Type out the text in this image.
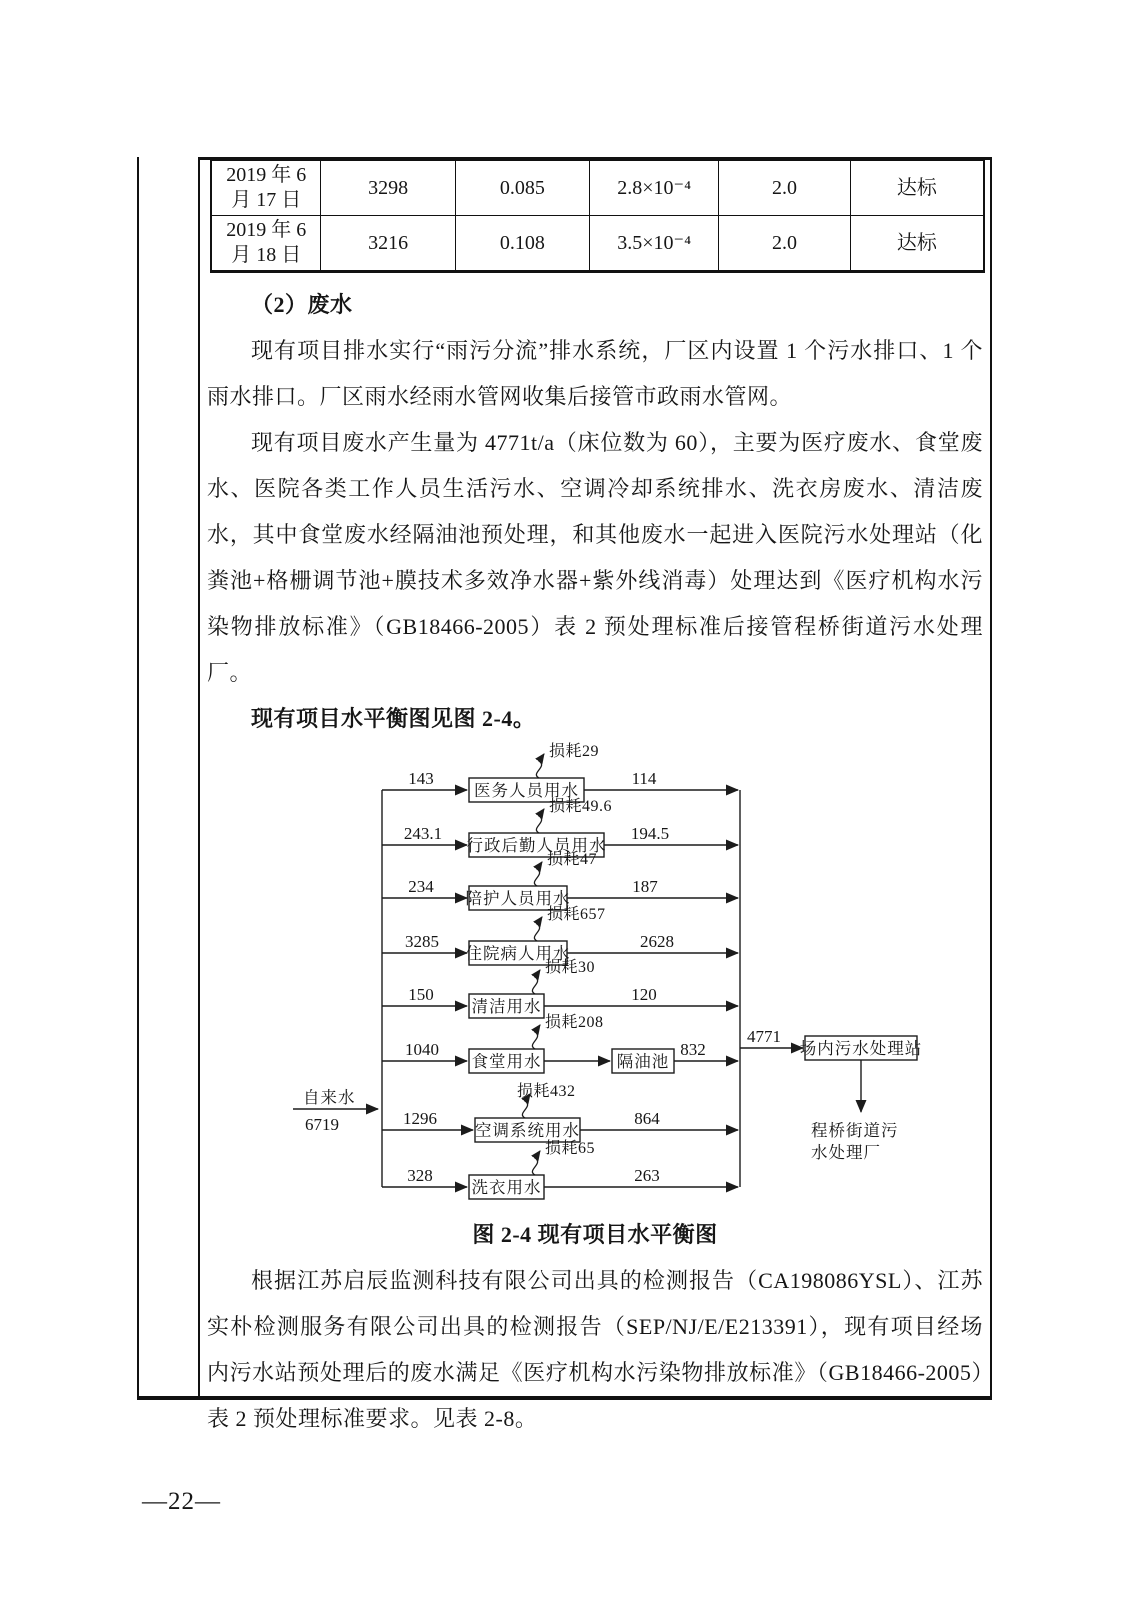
2019 年 6
月 17 日
3298	0.085	2.8×10⁻⁴	2.0	达标
2019 年 6
月 18 日
3216	0.108	3.5×10⁻⁴	2.0	达标

（2）废水

现有项目排水实行“雨污分流”排水系统，厂区内设置 1 个污水排口、1 个雨水排口。厂区雨水经雨水管网收集后接管市政雨水管网。

现有项目废水产生量为 4771t/a（床位数为 60），主要为医疗废水、食堂废水、医院各类工作人员生活污水、空调冷却系统排水、洗衣房废水、清洁废水，其中食堂废水经隔油池预处理，和其他废水一起进入医院污水处理站（化粪池+格栅调节池+膜技术多效净水器+紫外线消毒）处理达到《医疗机构水污染物排放标准》（GB18466-2005）表 2 预处理标准后接管程桥街道污水处理厂。

现有项目水平衡图见图 2-4。

自来水
6719
143
医务人员用水
损耗29
114
243.1
行政后勤人员用水
损耗49.6
194.5
234
陪护人员用水
损耗47
187
3285
住院病人用水
损耗657
2628
150
清洁用水
损耗30
120
1040
食堂用水
损耗208
隔油池
832
1296
空调系统用水
损耗432
864
328
洗衣用水
损耗65
263
4771
场内污水处理站
程桥街道污
水处理厂

图 2-4 现有项目水平衡图

根据江苏启辰监测科技有限公司出具的检测报告（CA198086YSL）、江苏实朴检测服务有限公司出具的检测报告（SEP/NJ/E/E213391），现有项目经场内污水站预处理后的废水满足《医疗机构水污染物排放标准》（GB18466-2005）表 2 预处理标准要求。见表 2-8。

—22—
